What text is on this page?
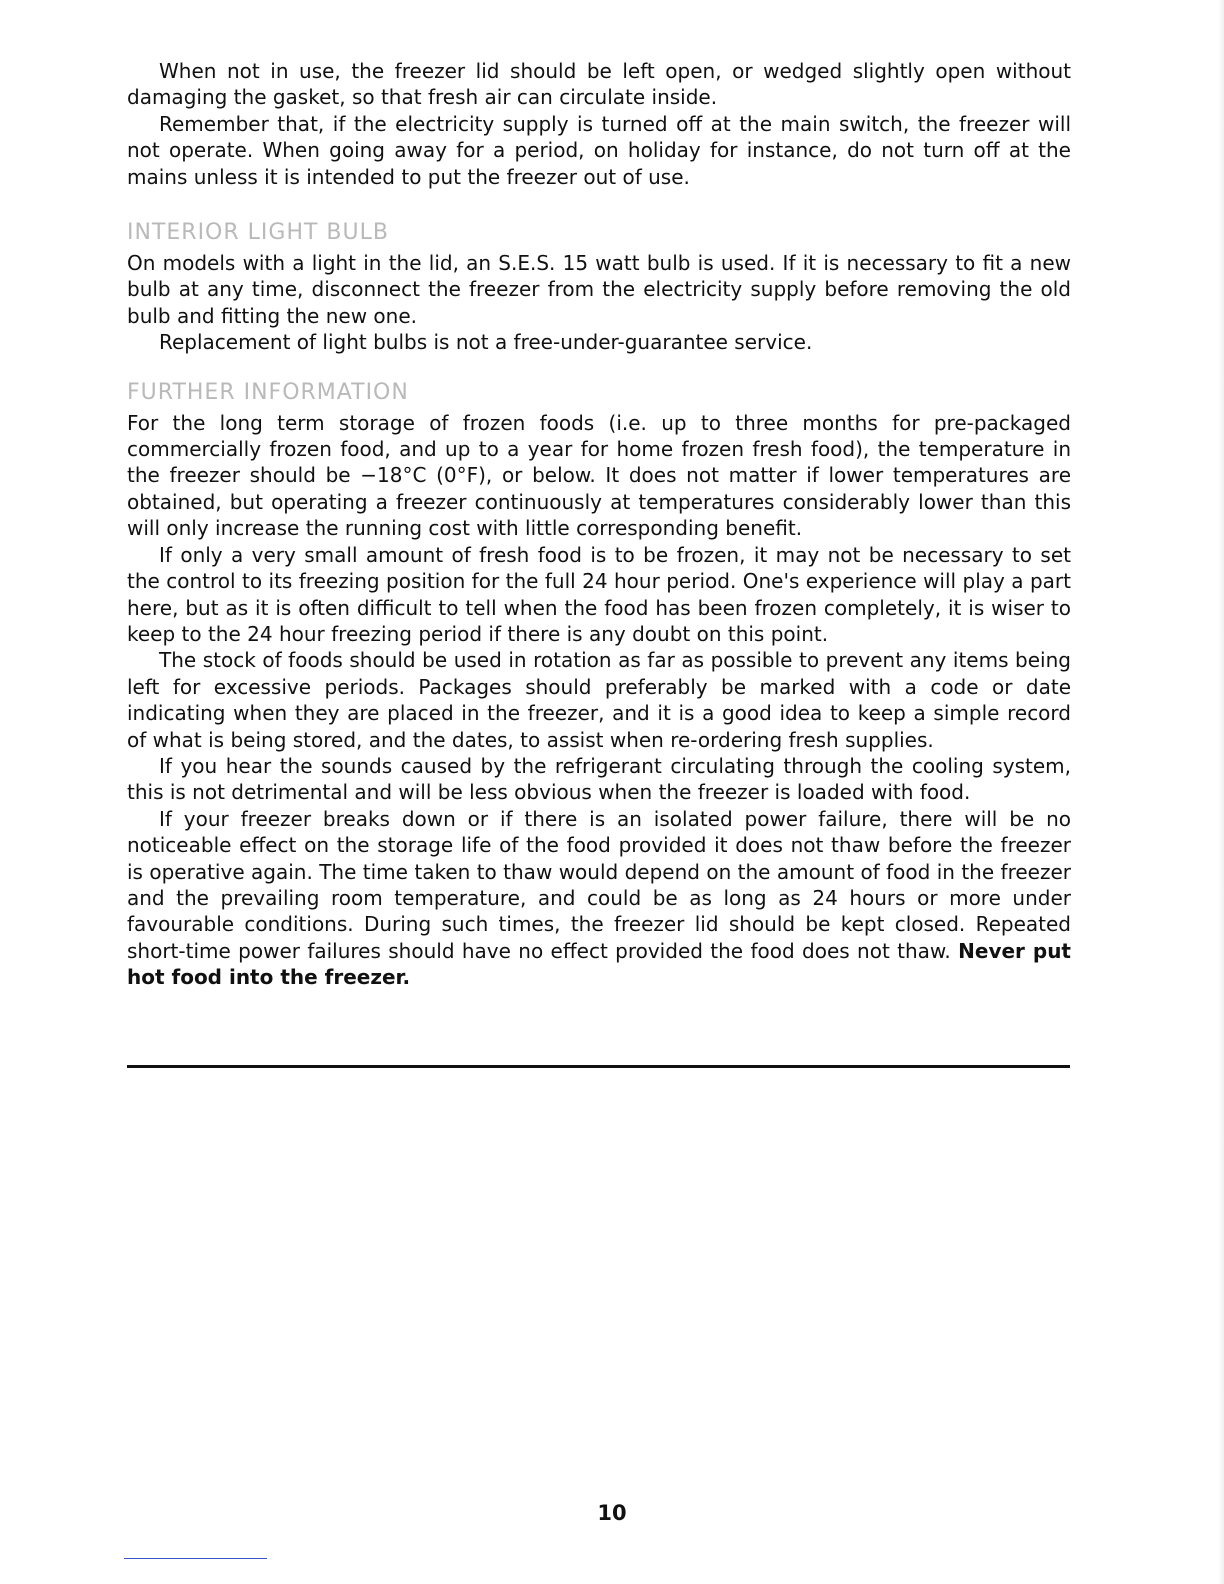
When not in use, the freezer lid should be left open, or wedged slightly open without damaging the gasket, so that fresh air can circulate inside.

Remember that, if the electricity supply is turned off at the main switch, the freezer will not operate. When going away for a period, on holiday for instance, do not turn off at the mains unless it is intended to put the freezer out of use.

INTERIOR LIGHT BULB

On models with a light in the lid, an S.E.S. 15 watt bulb is used. If it is necessary to fit a new bulb at any time, disconnect the freezer from the electricity supply before removing the old bulb and fitting the new one.

Replacement of light bulbs is not a free-under-guarantee service.

FURTHER INFORMATION

For the long term storage of frozen foods (i.e. up to three months for pre-packaged commercially frozen food, and up to a year for home frozen fresh food), the temperature in the freezer should be −18°C (0°F), or below. It does not matter if lower temperatures are obtained, but operating a freezer continuously at temperatures considerably lower than this will only increase the running cost with little corresponding benefit.

If only a very small amount of fresh food is to be frozen, it may not be necessary to set the control to its freezing position for the full 24 hour period. One's experience will play a part here, but as it is often difficult to tell when the food has been frozen completely, it is wiser to keep to the 24 hour freezing period if there is any doubt on this point.

The stock of foods should be used in rotation as far as possible to prevent any items being left for excessive periods. Packages should preferably be marked with a code or date indicating when they are placed in the freezer, and it is a good idea to keep a simple record of what is being stored, and the dates, to assist when re-ordering fresh supplies.

If you hear the sounds caused by the refrigerant circulating through the cooling system, this is not detrimental and will be less obvious when the freezer is loaded with food.

If your freezer breaks down or if there is an isolated power failure, there will be no noticeable effect on the storage life of the food provided it does not thaw before the freezer is operative again. The time taken to thaw would depend on the amount of food in the freezer and the prevailing room temperature, and could be as long as 24 hours or more under favourable conditions. During such times, the freezer lid should be kept closed. Repeated short-time power failures should have no effect provided the food does not thaw. Never put hot food into the freezer.

10
